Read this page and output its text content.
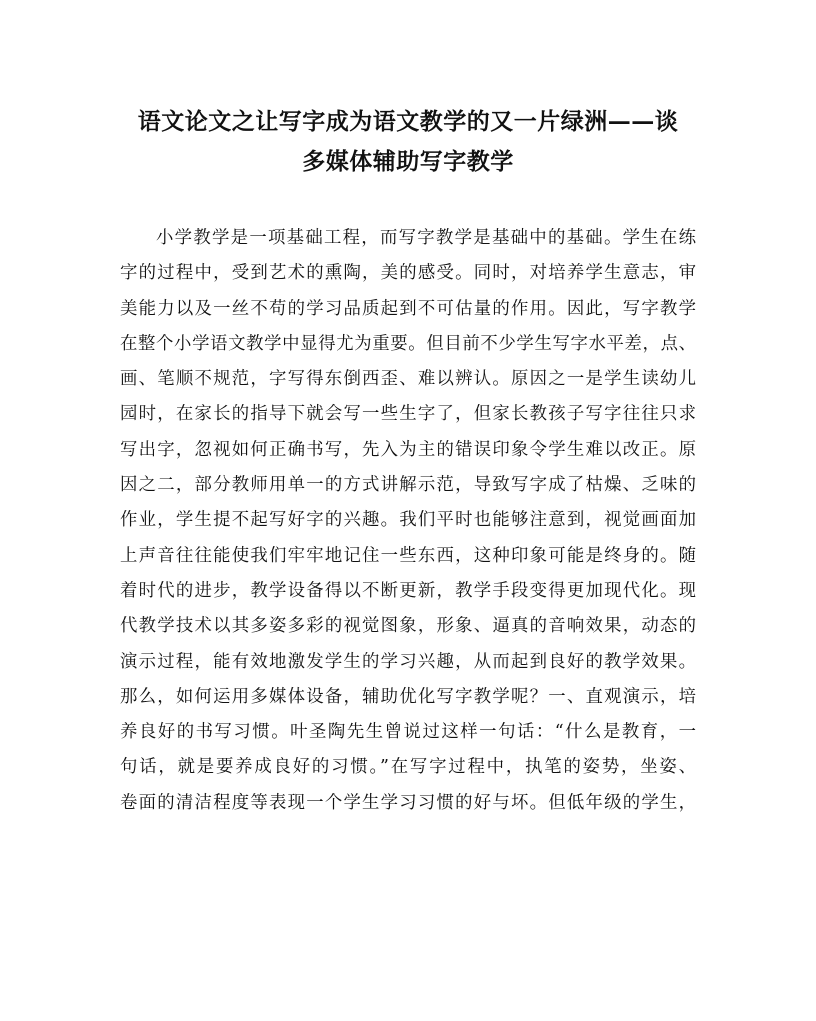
语文论文之让写字成为语文教学的又一片绿洲——谈
多媒体辅助写字教学
小学教学是一项基础工程，而写字教学是基础中的基础。学生在练
字的过程中，受到艺术的熏陶，美的感受。同时，对培养学生意志，审
美能力以及一丝不苟的学习品质起到不可估量的作用。因此，写字教学
在整个小学语文教学中显得尤为重要。但目前不少学生写字水平差，点、
画、笔顺不规范，字写得东倒西歪、难以辨认。原因之一是学生读幼儿
园时，在家长的指导下就会写一些生字了，但家长教孩子写字往往只求
写出字，忽视如何正确书写，先入为主的错误印象令学生难以改正。原
因之二，部分教师用单一的方式讲解示范，导致写字成了枯燥、乏味的
作业，学生提不起写好字的兴趣。我们平时也能够注意到，视觉画面加
上声音往往能使我们牢牢地记住一些东西，这种印象可能是终身的。随
着时代的进步，教学设备得以不断更新，教学手段变得更加现代化。现
代教学技术以其多姿多彩的视觉图象，形象、逼真的音响效果，动态的
演示过程，能有效地激发学生的学习兴趣，从而起到良好的教学效果。
那么，如何运用多媒体设备，辅助优化写字教学呢？一、直观演示，培
养良好的书写习惯。叶圣陶先生曾说过这样一句话：“什么是教育，一
句话，就是要养成良好的习惯。”在写字过程中，执笔的姿势，坐姿、
卷面的清洁程度等表现一个学生学习习惯的好与坏。但低年级的学生，
